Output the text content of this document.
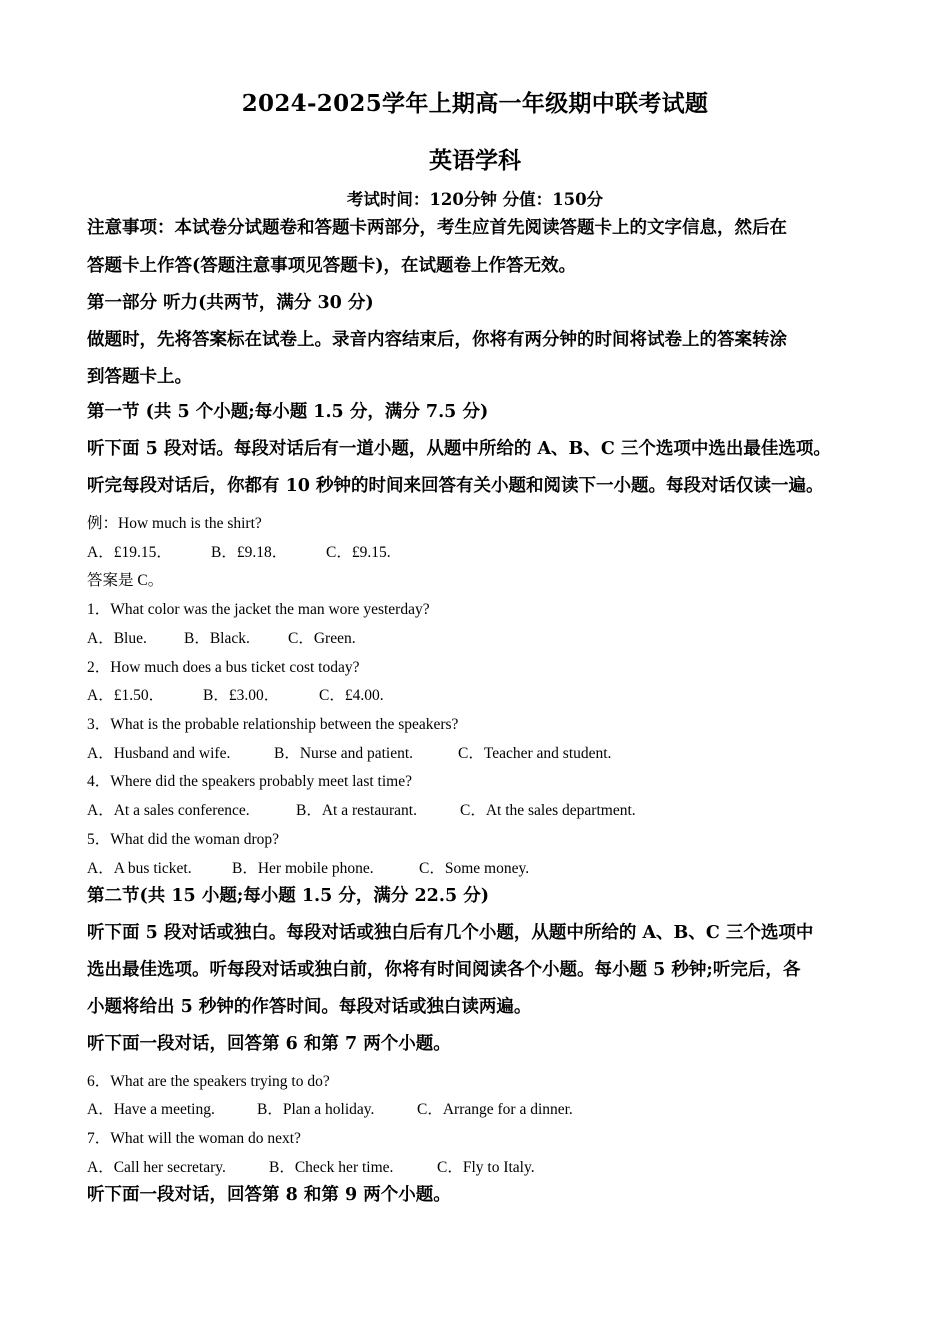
2024-2025学年上期高一年级期中联考试题
英语学科
考试时间：120分钟 分值：150分
注意事项：本试卷分试题卷和答题卡两部分，考生应首先阅读答题卡上的文字信息，然后在
答题卡上作答(答题注意事项见答题卡)，在试题卷上作答无效。
第一部分 听力(共两节，满分 30 分)
做题时，先将答案标在试卷上。录音内容结束后，你将有两分钟的时间将试卷上的答案转涂
到答题卡上。
第一节 (共 5 个小题;每小题 1.5 分，满分 7.5 分)
听下面 5 段对话。每段对话后有一道小题，从题中所给的 A、B、C 三个选项中选出最佳选项。
听完每段对话后，你都有 10 秒钟的时间来回答有关小题和阅读下一小题。每段对话仅读一遍。
例：How much is the shirt?
A．£19.15．	B．£9.18．	C．£9.15.
答案是 C。
1．What color was the jacket the man wore yesterday?
A．Blue. B．Black. C．Green.
2．How much does a bus ticket cost today?
A．£1.50．	B．£3.00．	C．£4.00.
3．What is the probable relationship between the speakers?
A．Husband and wife.	B．Nurse and patient.	C．Teacher and student.
4．Where did the speakers probably meet last time?
A．At a sales conference.	B．At a restaurant.	C．At the sales department.
5．What did the woman drop?
A．A bus ticket.	B．Her mobile phone.	C．Some money.
第二节(共 15 小题;每小题 1.5 分，满分 22.5 分)
听下面 5 段对话或独白。每段对话或独白后有几个小题，从题中所给的 A、B、C 三个选项中
选出最佳选项。听每段对话或独白前，你将有时间阅读各个小题。每小题 5 秒钟;听完后，各
小题将给出 5 秒钟的作答时间。每段对话或独白读两遍。
听下面一段对话，回答第 6 和第 7 两个小题。
6．What are the speakers trying to do?
A．Have a meeting.	B．Plan a holiday.	C．Arrange for a dinner.
7．What will the woman do next?
A．Call her secretary.	B．Check her time.	C．Fly to Italy.
听下面一段对话，回答第 8 和第 9 两个小题。
